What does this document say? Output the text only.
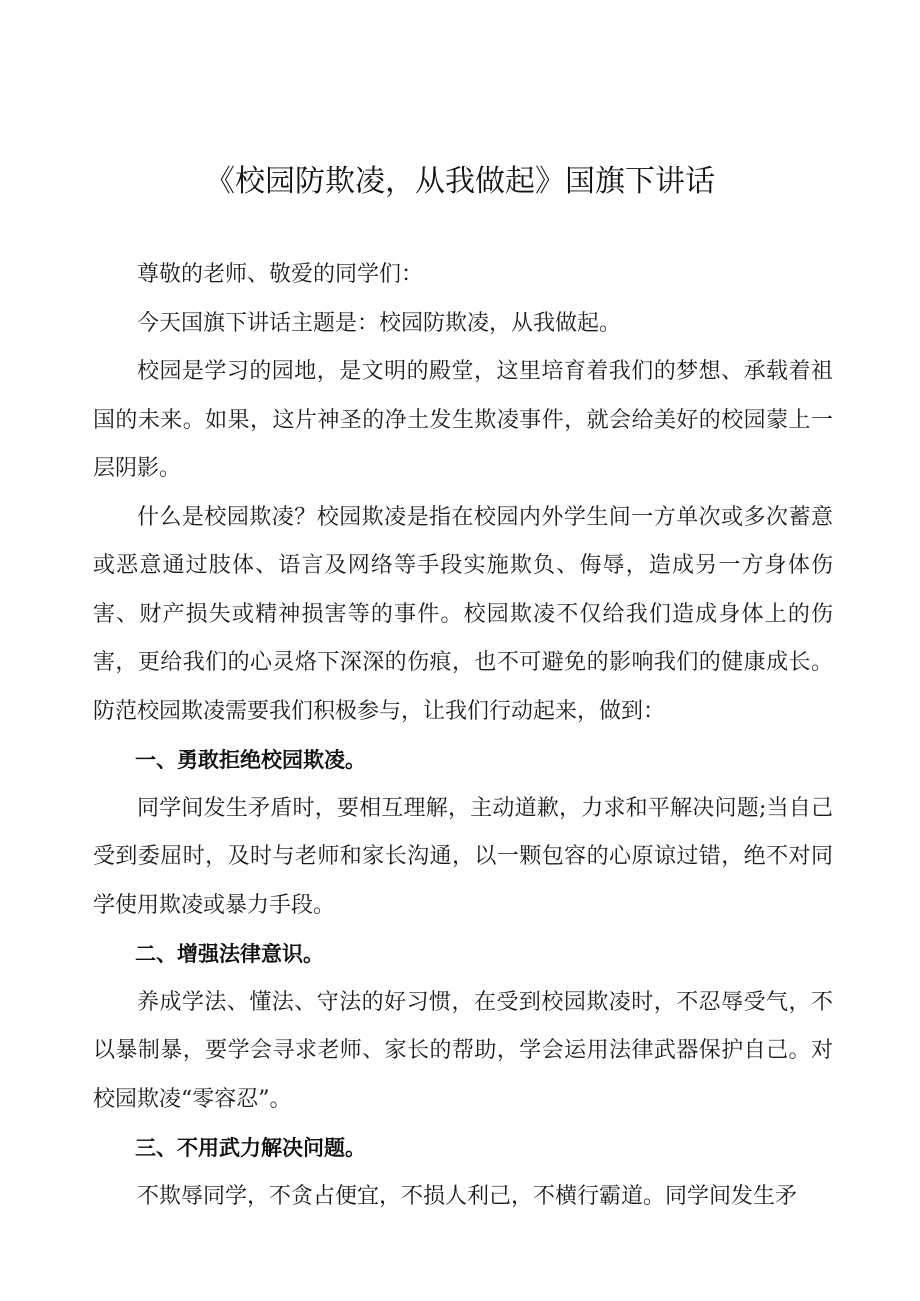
《校园防欺凌，从我做起》国旗下讲话

尊敬的老师、敬爱的同学们：

今天国旗下讲话主题是：校园防欺凌，从我做起。

校园是学习的园地，是文明的殿堂，这里培育着我们的梦想、承载着祖国的未来。如果，这片神圣的净土发生欺凌事件，就会给美好的校园蒙上一层阴影。

什么是校园欺凌？校园欺凌是指在校园内外学生间一方单次或多次蓄意或恶意通过肢体、语言及网络等手段实施欺负、侮辱，造成另一方身体伤害、财产损失或精神损害等的事件。校园欺凌不仅给我们造成身体上的伤害，更给我们的心灵烙下深深的伤痕，也不可避免的影响我们的健康成长。防范校园欺凌需要我们积极参与，让我们行动起来，做到：

一、勇敢拒绝校园欺凌。

同学间发生矛盾时，要相互理解，主动道歉，力求和平解决问题;当自己受到委屈时，及时与老师和家长沟通，以一颗包容的心原谅过错，绝不对同学使用欺凌或暴力手段。

二、增强法律意识。

养成学法、懂法、守法的好习惯，在受到校园欺凌时，不忍辱受气，不以暴制暴，要学会寻求老师、家长的帮助，学会运用法律武器保护自己。对校园欺凌“零容忍”。

三、不用武力解决问题。

不欺辱同学，不贪占便宜，不损人利己，不横行霸道。同学间发生矛
